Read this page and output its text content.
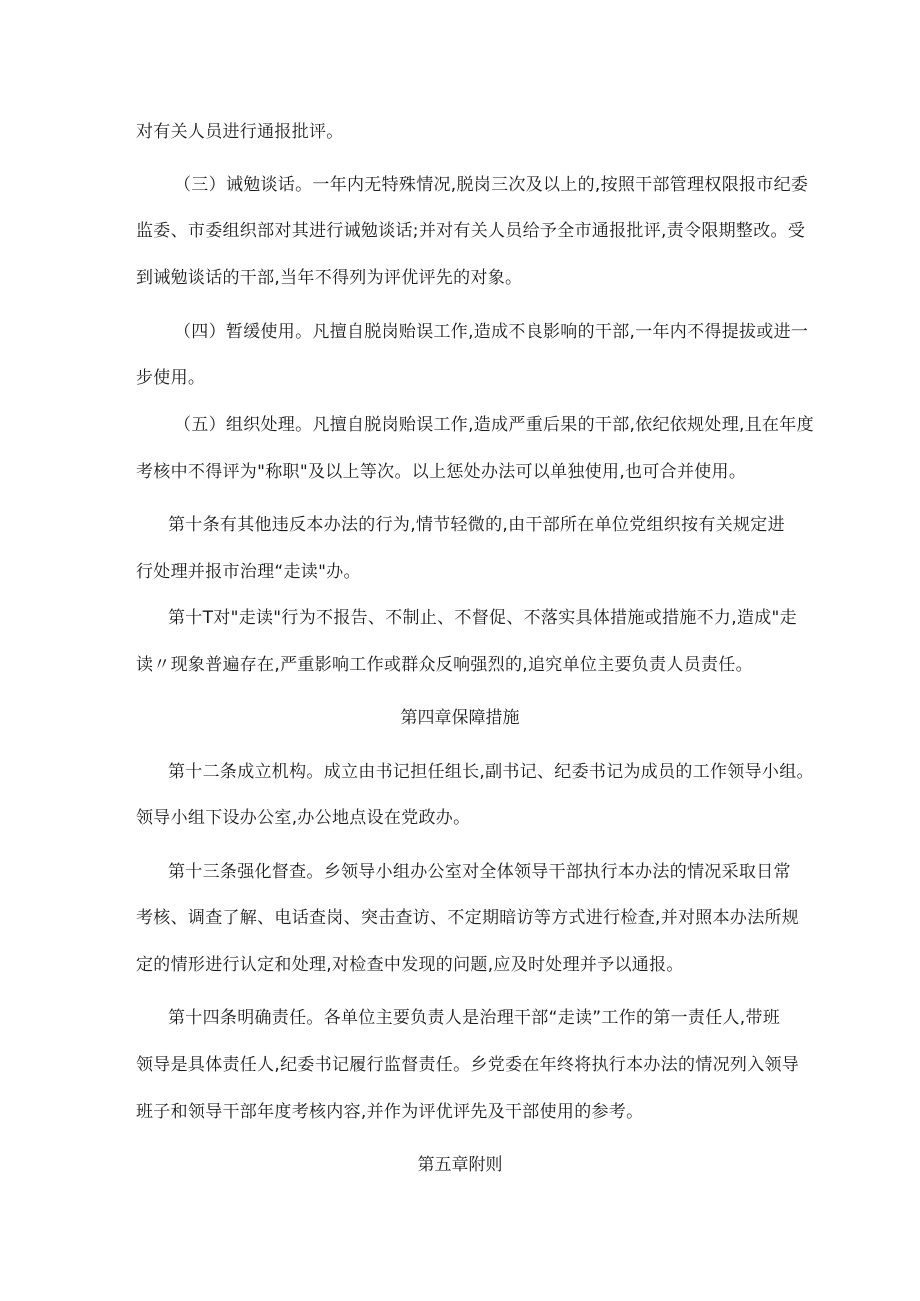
对有关人员进行通报批评。
（三）诫勉谈话。一年内无特殊情况,脱岗三次及以上的,按照干部管理权限报市纪委
监委、市委组织部对其进行诫勉谈话;并对有关人员给予全市通报批评,责令限期整改。受
到诫勉谈话的干部,当年不得列为评优评先的对象。
（四）暂缓使用。凡擅自脱岗贻误工作,造成不良影响的干部,一年内不得提拔或进一
步使用。
（五）组织处理。凡擅自脱岗贻误工作,造成严重后果的干部,依纪依规处理,且在年度
考核中不得评为"称职"及以上等次。以上惩处办法可以单独使用,也可合并使用。
第十条有其他违反本办法的行为,情节轻微的,由干部所在单位党组织按有关规定进
行处理并报市治理“走读"办。
第十T对"走读"行为不报告、不制止、不督促、不落实具体措施或措施不力,造成"走
读〃现象普遍存在,严重影响工作或群众反响强烈的,追究单位主要负责人员责任。
第四章保障措施
第十二条成立机构。成立由书记担任组长,副书记、纪委书记为成员的工作领导小组。
领导小组下设办公室,办公地点设在党政办。
第十三条强化督查。乡领导小组办公室对全体领导干部执行本办法的情况采取日常
考核、调查了解、电话查岗、突击查访、不定期暗访等方式进行检查,并对照本办法所规
定的情形进行认定和处理,对检查中发现的问题,应及时处理并予以通报。
第十四条明确责任。各单位主要负责人是治理干部“走读”工作的第一责任人,带班
领导是具体责任人,纪委书记履行监督责任。乡党委在年终将执行本办法的情况列入领导
班子和领导干部年度考核内容,并作为评优评先及干部使用的参考。
第五章附则
